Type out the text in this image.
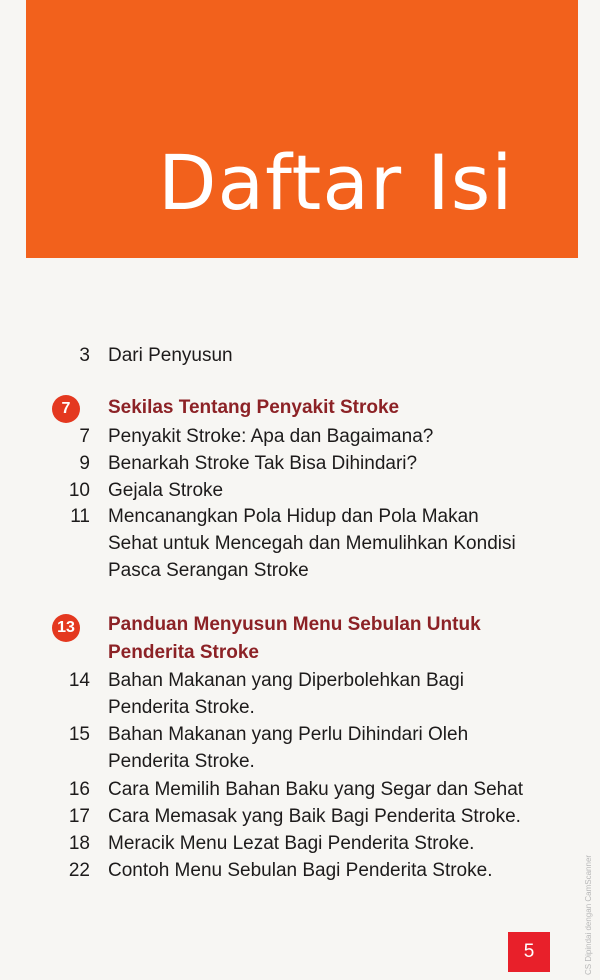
Daftar Isi
3 Dari Penyusun
7	Sekilas Tentang Penyakit Stroke
7 Penyakit Stroke: Apa dan Bagaimana?
9 Benarkah Stroke Tak Bisa Dihindari?
10 Gejala Stroke
11 Mencanangkan Pola Hidup dan Pola Makan
Sehat untuk Mencegah dan Memulihkan Kondisi
Pasca Serangan Stroke
13 Panduan Menyusun Menu Sebulan Untuk
Penderita Stroke
14 Bahan Makanan yang Diperbolehkan Bagi
Penderita Stroke.
15 Bahan Makanan yang Perlu Dihindari Oleh
Penderita Stroke.
16 Cara Memilih Bahan Baku yang Segar dan Sehat
17 Cara Memasak yang Baik Bagi Penderita Stroke.
18 Meracik Menu Lezat Bagi Penderita Stroke.
22 Contoh Menu Sebulan Bagi Penderita Stroke.
5	CS Dipindai dengan CamScanner
